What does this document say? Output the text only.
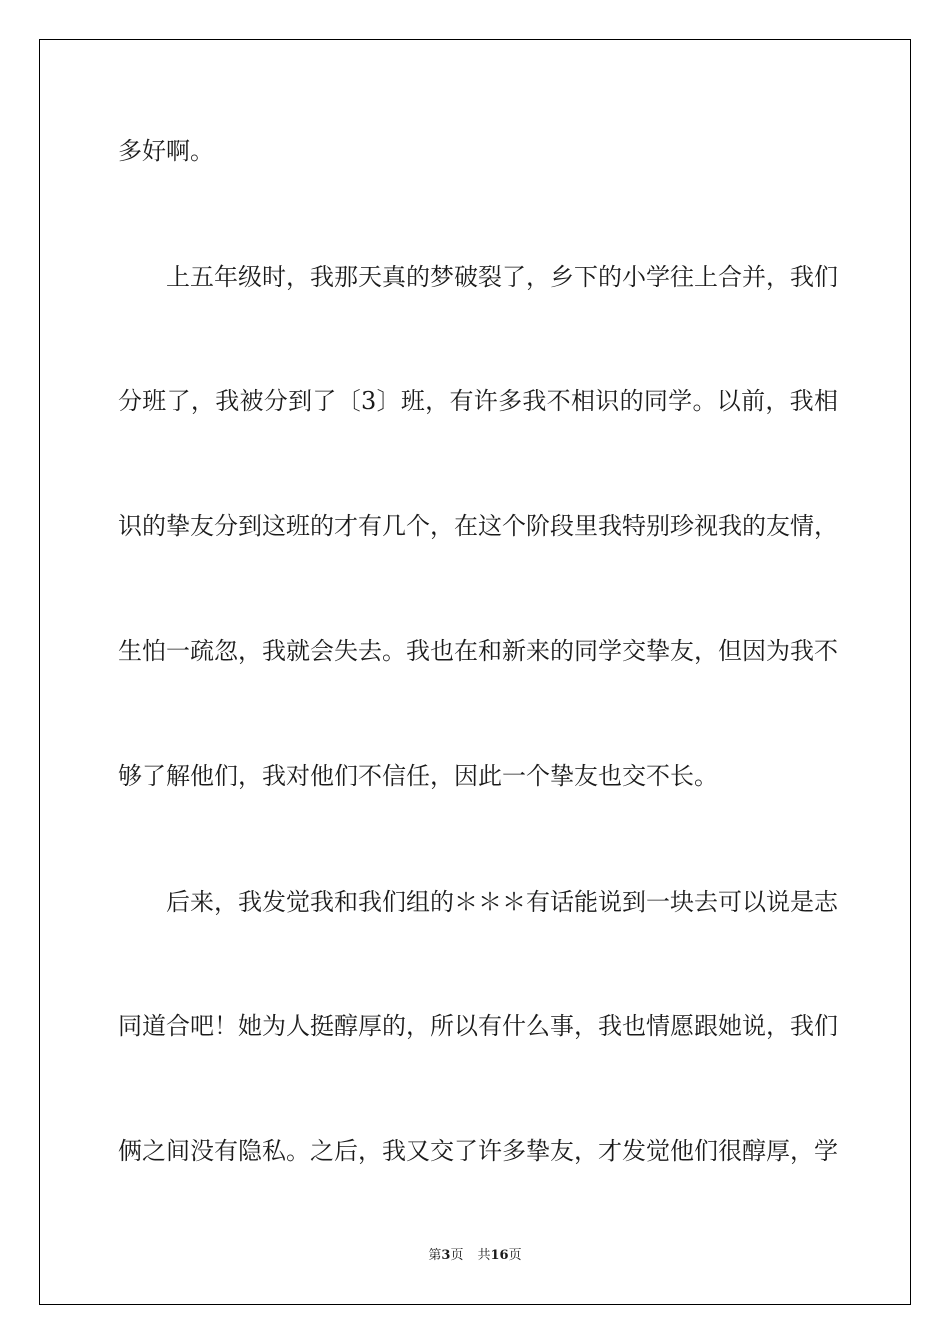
多好啊。
上五年级时，我那天真的梦破裂了，乡下的小学往上合并，我们
分班了，我被分到了〔3〕班，有许多我不相识的同学。以前，我相
识的挚友分到这班的才有几个，在这个阶段里我特别珍视我的友情，
生怕一疏忽，我就会失去。我也在和新来的同学交挚友，但因为我不
够了解他们，我对他们不信任，因此一个挚友也交不长。
后来，我发觉我和我们组的＊＊＊有话能说到一块去可以说是志
同道合吧！她为人挺醇厚的，所以有什么事，我也情愿跟她说，我们
俩之间没有隐私。之后，我又交了许多挚友，才发觉他们很醇厚，学
第3页 共16页
